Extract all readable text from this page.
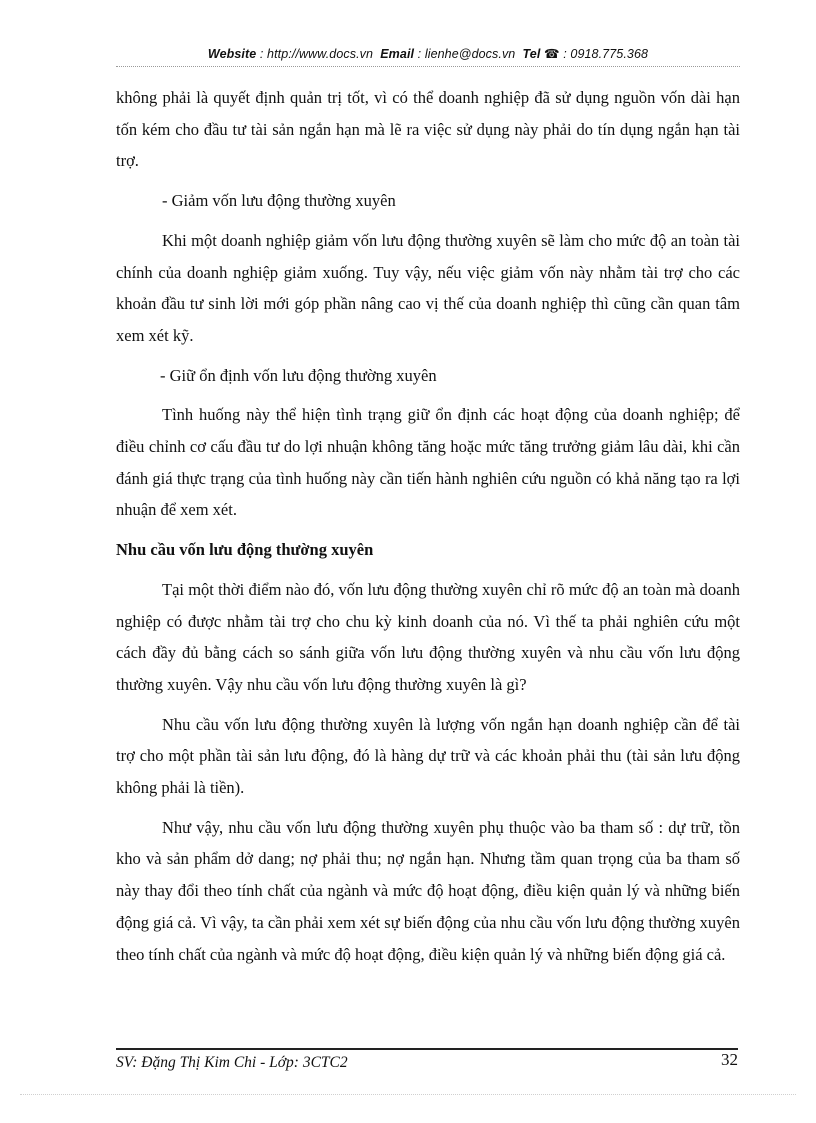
Website : http://www.docs.vn Email : lienhe@docs.vn Tel ☎ : 0918.775.368

không phải là quyết định quản trị tốt, vì có thể doanh nghiệp đã sử dụng nguồn vốn dài hạn tốn kém cho đầu tư tài sản ngắn hạn mà lẽ ra việc sử dụng này phải do tín dụng ngắn hạn tài trợ.

- Giảm vốn lưu động thường xuyên

Khi một doanh nghiệp giảm vốn lưu động thường xuyên sẽ làm cho mức độ an toàn tài chính của doanh nghiệp giảm xuống. Tuy vậy, nếu việc giảm vốn này nhằm tài trợ cho các khoản đầu tư sinh lời mới góp phần nâng cao vị thế của doanh nghiệp thì cũng cần quan tâm xem xét kỹ.

- Giữ ổn định vốn lưu động thường xuyên

Tình huống này thể hiện tình trạng giữ ổn định các hoạt động của doanh nghiệp; để điều chỉnh cơ cấu đầu tư do lợi nhuận không tăng hoặc mức tăng trưởng giảm lâu dài, khi cần đánh giá thực trạng của tình huống này cần tiến hành nghiên cứu nguồn có khả năng tạo ra lợi nhuận để xem xét.

Nhu cầu vốn lưu động thường xuyên

Tại một thời điểm nào đó, vốn lưu động thường xuyên chỉ rõ mức độ an toàn mà doanh nghiệp có được nhằm tài trợ cho chu kỳ kinh doanh của nó. Vì thế ta phải nghiên cứu một cách đầy đủ bằng cách so sánh giữa vốn lưu động thường xuyên và nhu cầu vốn lưu động thường xuyên. Vậy nhu cầu vốn lưu động thường xuyên là gì?

Nhu cầu vốn lưu động thường xuyên là lượng vốn ngắn hạn doanh nghiệp cần để tài trợ cho một phần tài sản lưu động, đó là hàng dự trữ và các khoản phải thu (tài sản lưu động không phải là tiền).

Như vậy, nhu cầu vốn lưu động thường xuyên phụ thuộc vào ba tham số : dự trữ, tồn kho và sản phẩm dở dang; nợ phải thu; nợ ngắn hạn. Nhưng tầm quan trọng của ba tham số này thay đổi theo tính chất của ngành và mức độ hoạt động, điều kiện quản lý và những biến động giá cả. Vì vậy, ta cần phải xem xét sự biến động của nhu cầu vốn lưu động thường xuyên theo tính chất của ngành và mức độ hoạt động, điều kiện quản lý và những biến động giá cả.

SV: Đặng Thị Kim Chi - Lớp: 3CTC2	32
